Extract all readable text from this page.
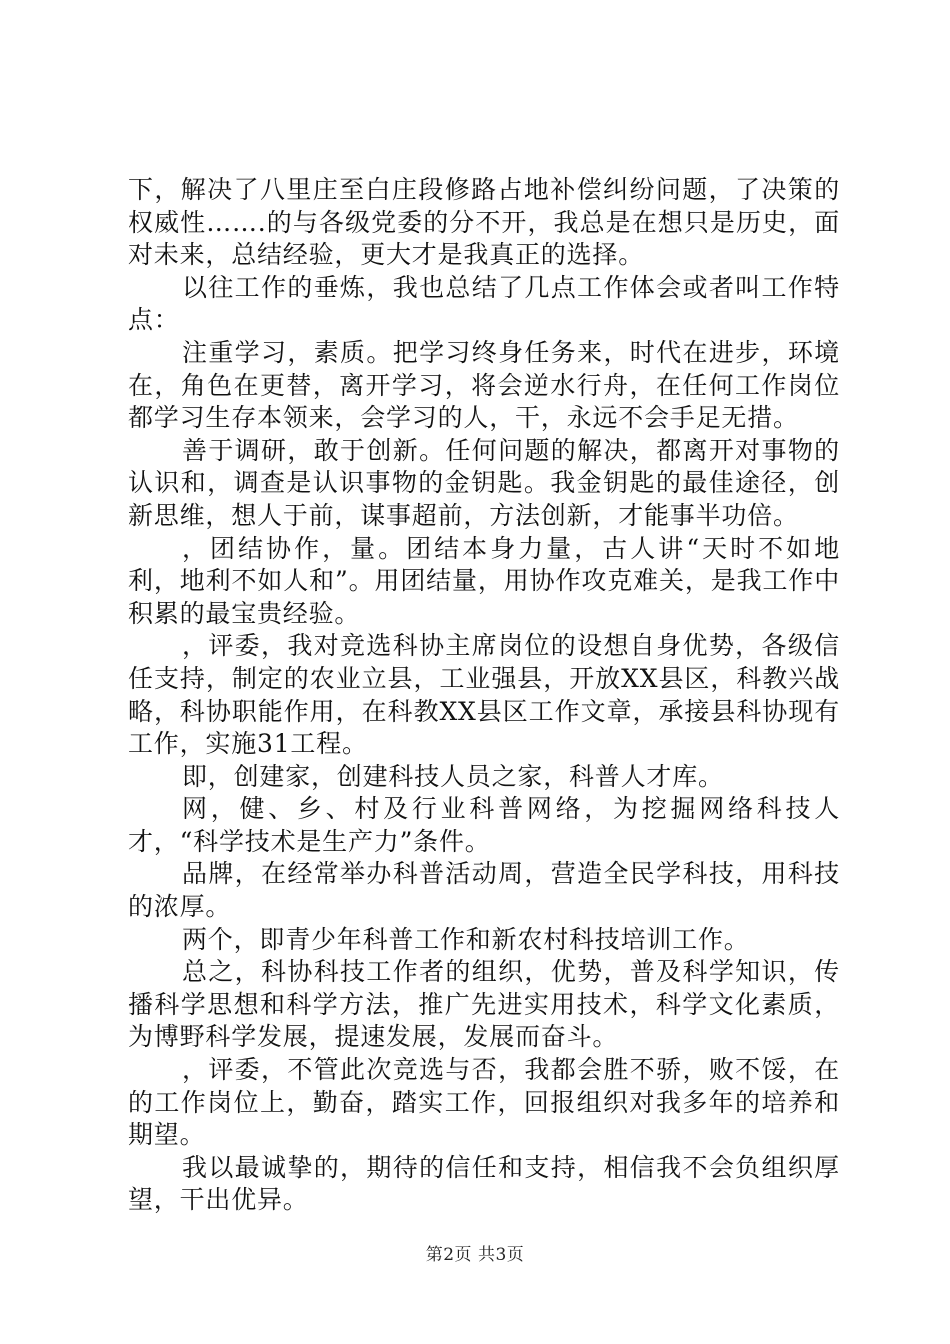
下，解决了八里庄至白庄段修路占地补偿纠纷问题，了决策的权威性…….的与各级党委的分不开，我总是在想只是历史，面对未来，总结经验，更大才是我真正的选择。

以往工作的垂炼，我也总结了几点工作体会或者叫工作特点：

注重学习，素质。把学习终身任务来，时代在进步，环境在，角色在更替，离开学习，将会逆水行舟，在任何工作岗位都学习生存本领来，会学习的人，干，永远不会手足无措。

善于调研，敢于创新。任何问题的解决，都离开对事物的认识和，调查是认识事物的金钥匙。我金钥匙的最佳途径，创新思维，想人于前，谋事超前，方法创新，才能事半功倍。

，团结协作，量。团结本身力量，古人讲“天时不如地利，地利不如人和”。用团结量，用协作攻克难关，是我工作中积累的最宝贵经验。

，评委，我对竞选科协主席岗位的设想自身优势，各级信任支持，制定的农业立县，工业强县，开放XX县区，科教兴战略，科协职能作用，在科教XX县区工作文章，承接县科协现有工作，实施31工程。

即，创建家，创建科技人员之家，科普人才库。

网，健、乡、村及行业科普网络，为挖掘网络科技人才，“科学技术是生产力”条件。

品牌，在经常举办科普活动周，营造全民学科技，用科技的浓厚。

两个，即青少年科普工作和新农村科技培训工作。

总之，科协科技工作者的组织，优势，普及科学知识，传播科学思想和科学方法，推广先进实用技术，科学文化素质，为博野科学发展，提速发展，发展而奋斗。

，评委，不管此次竞选与否，我都会胜不骄，败不馁，在的工作岗位上，勤奋，踏实工作，回报组织对我多年的培养和期望。

我以最诚挚的，期待的信任和支持，相信我不会负组织厚望，干出优异。

第2页 共3页
